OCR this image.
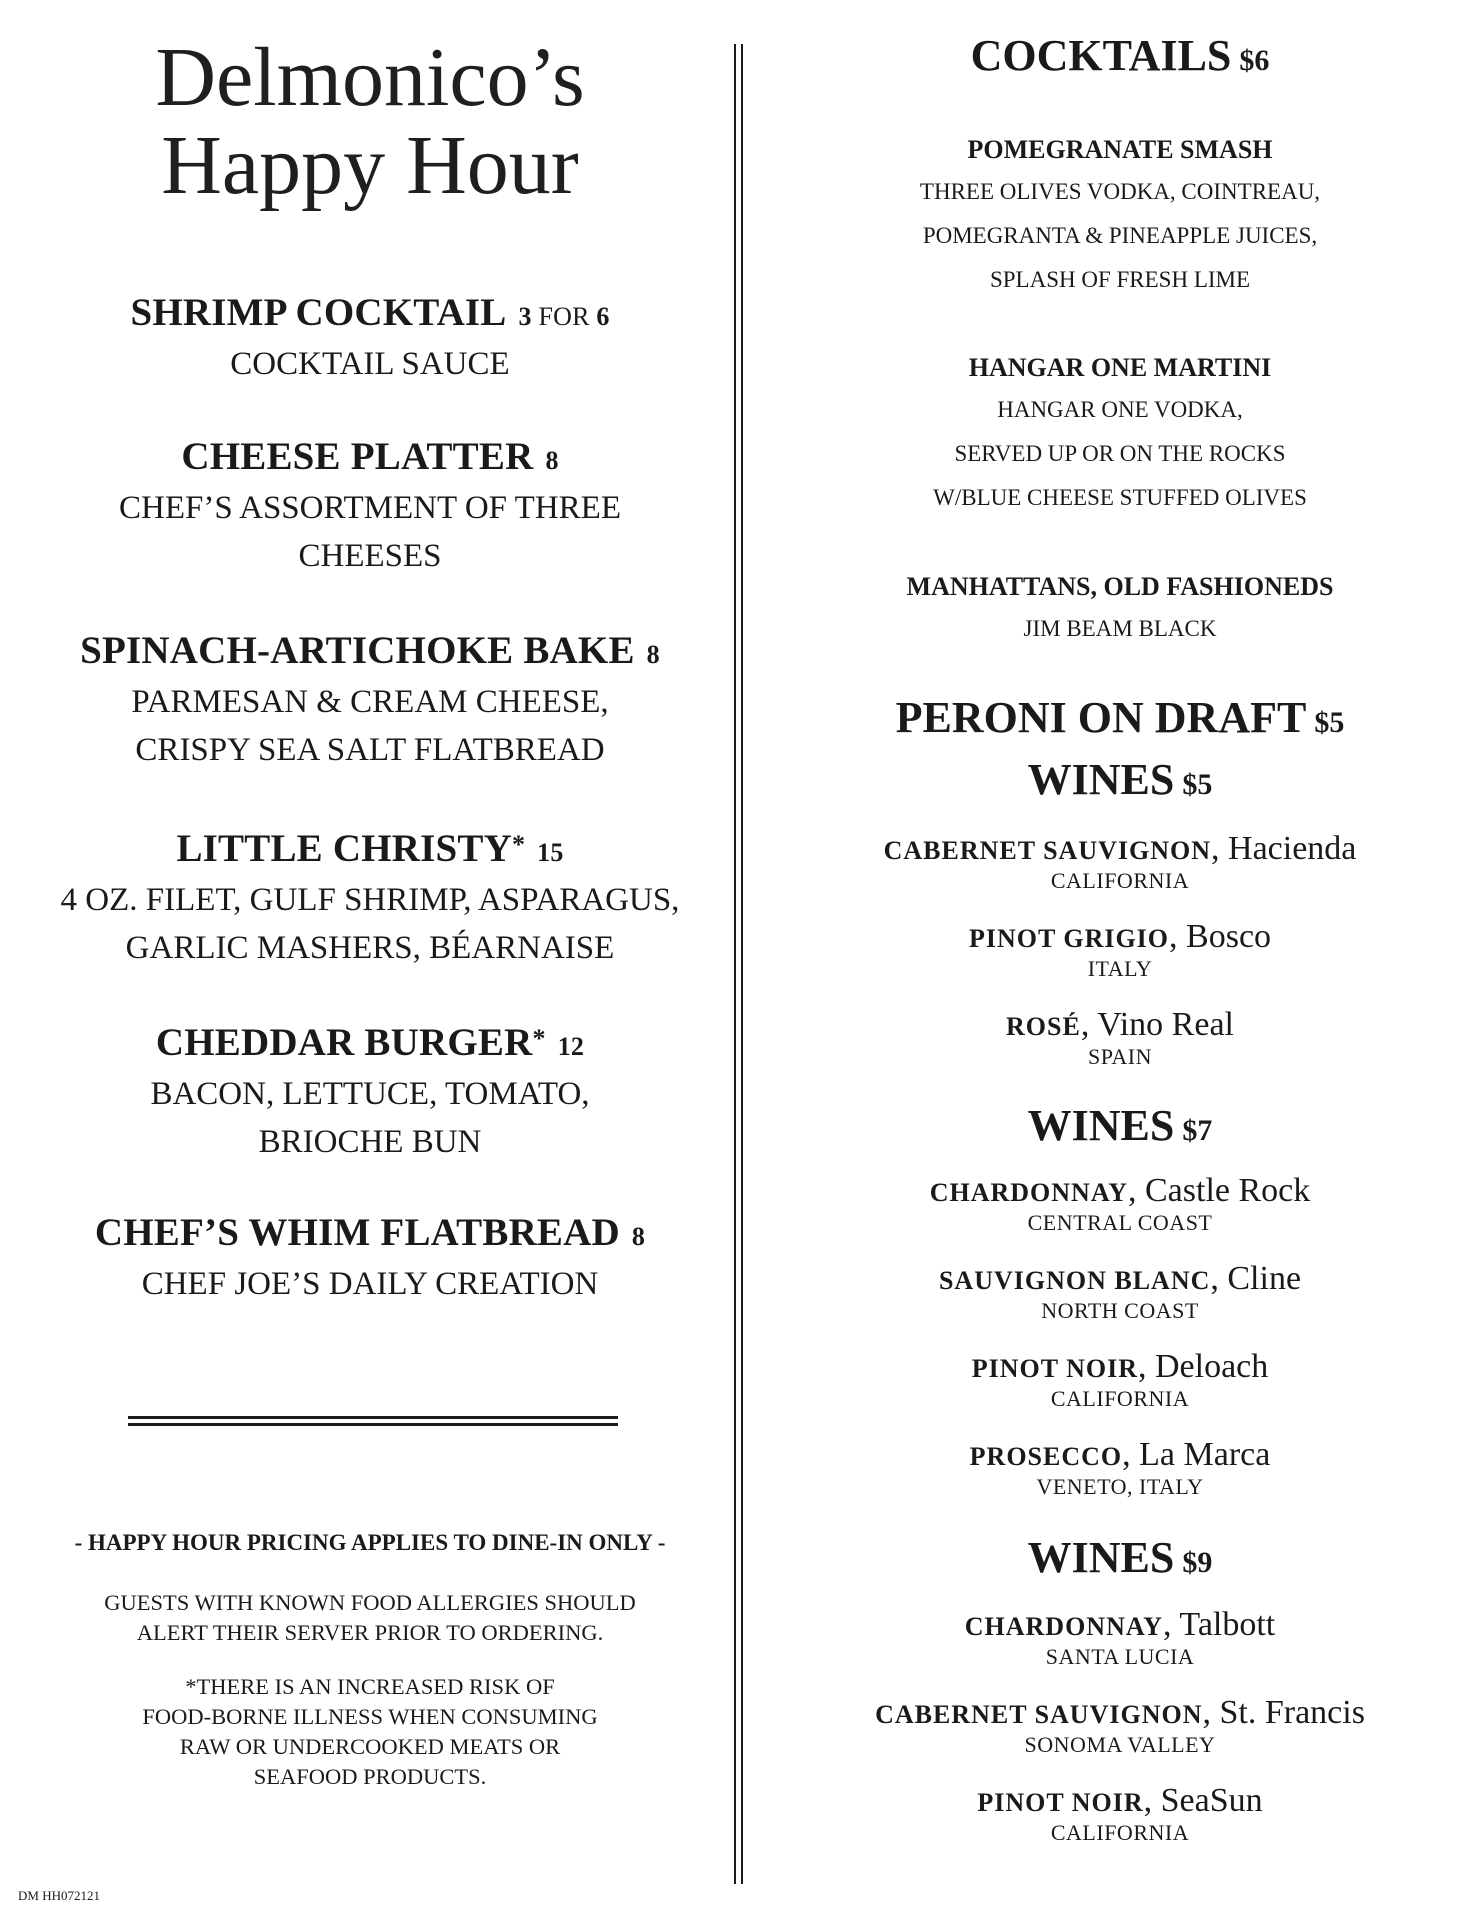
Delmonico’s
Happy Hour
SHRIMP COCKTAIL 3 FOR 6
COCKTAIL SAUCE
CHEESE PLATTER 8
CHEF’S ASSORTMENT OF THREE
CHEESES
SPINACH-ARTICHOKE BAKE 8
PARMESAN & CREAM CHEESE,
CRISPY SEA SALT FLATBREAD
LITTLE CHRISTY* 15
4 OZ. FILET, GULF SHRIMP, ASPARAGUS,
GARLIC MASHERS, BÉARNAISE
CHEDDAR BURGER* 12
BACON, LETTUCE, TOMATO,
BRIOCHE BUN
CHEF’S WHIM FLATBREAD 8
CHEF JOE’S DAILY CREATION
- HAPPY HOUR PRICING APPLIES TO DINE-IN ONLY -
GUESTS WITH KNOWN FOOD ALLERGIES SHOULD
ALERT THEIR SERVER PRIOR TO ORDERING.
*THERE IS AN INCREASED RISK OF
FOOD-BORNE ILLNESS WHEN CONSUMING
RAW OR UNDERCOOKED MEATS OR
SEAFOOD PRODUCTS.
DM HH072121
COCKTAILS $6
POMEGRANATE SMASH
THREE OLIVES VODKA, COINTREAU,
POMEGRANTA & PINEAPPLE JUICES,
SPLASH OF FRESH LIME
HANGAR ONE MARTINI
HANGAR ONE VODKA,
SERVED UP OR ON THE ROCKS
W/BLUE CHEESE STUFFED OLIVES
MANHATTANS, OLD FASHIONEDS
JIM BEAM BLACK
PERONI ON DRAFT $5
WINES $5
CABERNET SAUVIGNON, Hacienda
CALIFORNIA
PINOT GRIGIO, Bosco
ITALY
ROSÉ, Vino Real
SPAIN
WINES $7
CHARDONNAY, Castle Rock
CENTRAL COAST
SAUVIGNON BLANC, Cline
NORTH COAST
PINOT NOIR, Deloach
CALIFORNIA
PROSECCO, La Marca
VENETO, ITALY
WINES $9
CHARDONNAY, Talbott
SANTA LUCIA
CABERNET SAUVIGNON, St. Francis
SONOMA VALLEY
PINOT NOIR, SeaSun
CALIFORNIA
